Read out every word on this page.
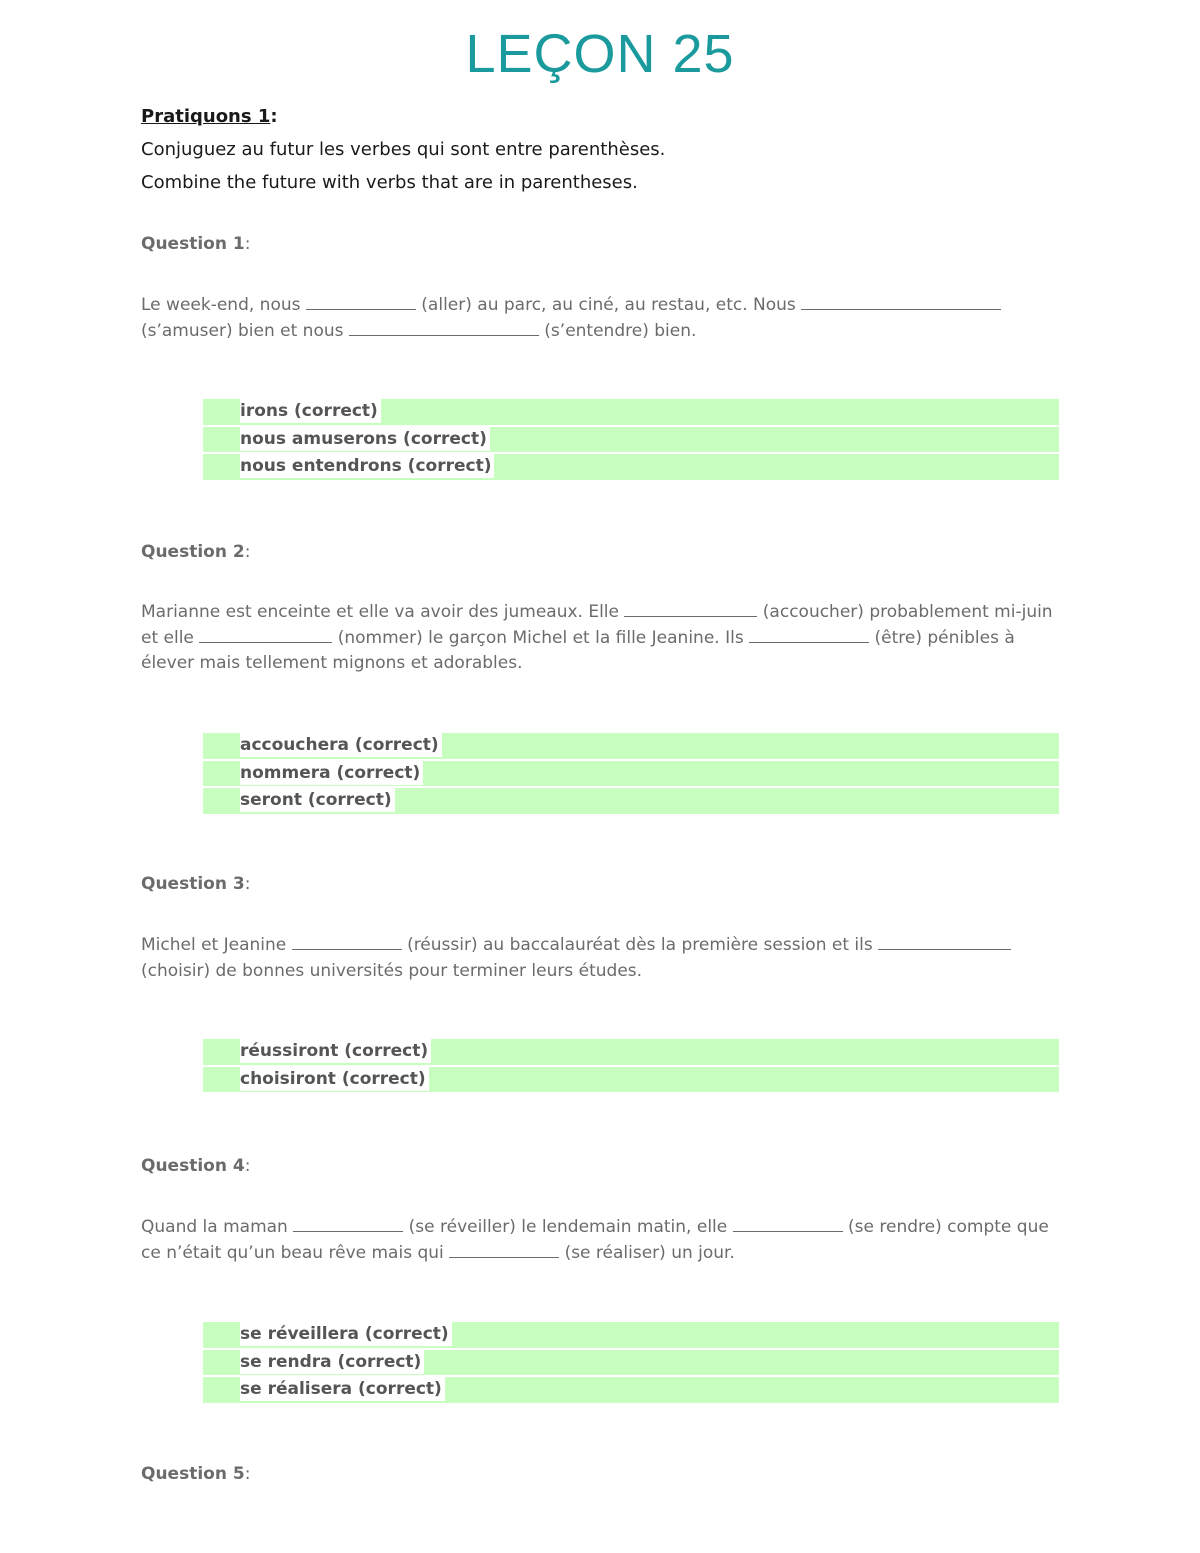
LEÇON 25
Pratiquons 1:
Conjuguez au futur les verbes qui sont entre parenthèses.
Combine the future with verbs that are in parentheses.
Question 1:
Le week-end, nous	(aller) au parc, au ciné, au restau, etc. Nous  (s’amuser) bien et nous	(s’entendre) bien.
irons (correct)
nous amuserons (correct)
nous entendrons (correct)
Question 2:
Marianne est enceinte et elle va avoir des jumeaux. Elle	(accoucher) probablement mi-juin et elle	(nommer) le garçon Michel et la fille Jeanine. Ils	(être) pénibles à élever mais tellement mignons et adorables.
accouchera (correct)
nommera (correct)
seront (correct)
Question 3:
Michel et Jeanine	(réussir) au baccalauréat dès la première session et ils  (choisir) de bonnes universités pour terminer leurs études.
réussiront (correct)
choisiront (correct)
Question 4:
Quand la maman	(se réveiller) le lendemain matin, elle	(se rendre) compte que ce n’était qu’un beau rêve mais qui	(se réaliser) un jour.
se réveillera (correct)
se rendra (correct)
se réalisera (correct)
Question 5:
